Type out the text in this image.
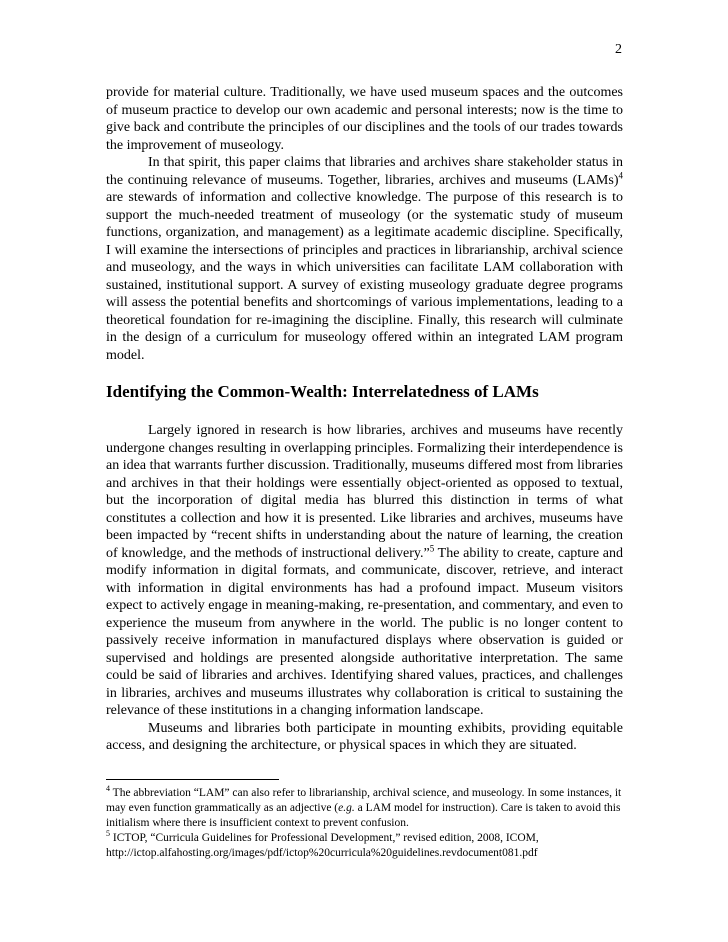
2

provide for material culture. Traditionally, we have used museum spaces and the outcomes of museum practice to develop our own academic and personal interests; now is the time to give back and contribute the principles of our disciplines and the tools of our trades towards the improvement of museology.

In that spirit, this paper claims that libraries and archives share stakeholder status in the continuing relevance of museums. Together, libraries, archives and museums (LAMs)$^4$ are stewards of information and collective knowledge. The purpose of this research is to support the much-needed treatment of museology (or the systematic study of museum functions, organization, and management) as a legitimate academic discipline. Specifically, I will examine the intersections of principles and practices in librarianship, archival science and museology, and the ways in which universities can facilitate LAM collaboration with sustained, institutional support. A survey of existing museology graduate degree programs will assess the potential benefits and shortcomings of various implementations, leading to a theoretical foundation for re-imagining the discipline. Finally, this research will culminate in the design of a curriculum for museology offered within an integrated LAM program model.

Identifying the Common-Wealth: Interrelatedness of LAMs

Largely ignored in research is how libraries, archives and museums have recently undergone changes resulting in overlapping principles. Formalizing their interdependence is an idea that warrants further discussion. Traditionally, museums differed most from libraries and archives in that their holdings were essentially object-oriented as opposed to textual, but the incorporation of digital media has blurred this distinction in terms of what constitutes a collection and how it is presented. Like libraries and archives, museums have been impacted by “recent shifts in understanding about the nature of learning, the creation of knowledge, and the methods of instructional delivery.”$^5$ The ability to create, capture and modify information in digital formats, and communicate, discover, retrieve, and interact with information in digital environments has had a profound impact. Museum visitors expect to actively engage in meaning-making, re-presentation, and commentary, and even to experience the museum from anywhere in the world. The public is no longer content to passively receive information in manufactured displays where observation is guided or supervised and holdings are presented alongside authoritative interpretation. The same could be said of libraries and archives. Identifying shared values, practices, and challenges in libraries, archives and museums illustrates why collaboration is critical to sustaining the relevance of these institutions in a changing information landscape.

Museums and libraries both participate in mounting exhibits, providing equitable access, and designing the architecture, or physical spaces in which they are situated.

$^4$ The abbreviation “LAM” can also refer to librarianship, archival science, and museology. In some instances, it may even function grammatically as an adjective (e.g. a LAM model for instruction). Care is taken to avoid this initialism where there is insufficient context to prevent confusion.

$^5$ ICTOP, “Curricula Guidelines for Professional Development,” revised edition, 2008, ICOM, http://ictop.alfahosting.org/images/pdf/ictop%20curricula%20guidelines.revdocument081.pdf
